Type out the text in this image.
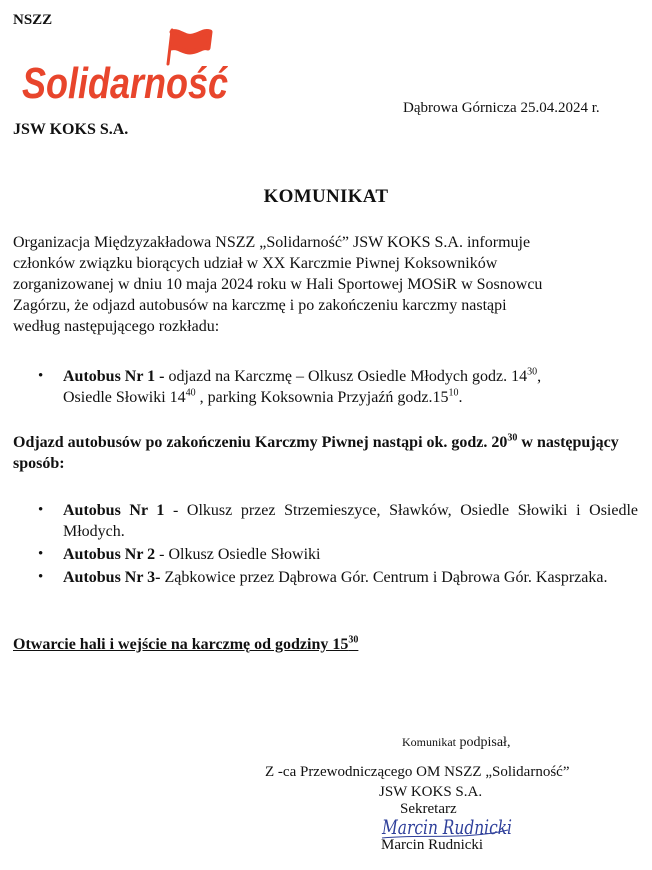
NSZZ
Solidarność
JSW KOKS S.A.
Dąbrowa Górnicza 25.04.2024 r.
KOMUNIKAT
Organizacja Międzyzakładowa NSZZ „Solidarność” JSW KOKS S.A. informuje
członków związku biorących udział w XX Karczmie Piwnej Koksowników
zorganizowanej w dniu 10 maja 2024 roku w Hali Sportowej MOSiR w Sosnowcu
Zagórzu, że odjazd autobusów na karczmę i po zakończeniu karczmy nastąpi
według następującego rozkładu:
• Autobus Nr 1 - odjazd na Karczmę – Olkusz Osiedle Młodych godz. $14^{30}$,
Osiedle Słowiki $14^{40}$ , parking Koksownia Przyjaźń $godz.15^{10}$.
Odjazd autobusów po zakończeniu Karczmy Piwnej nastąpi ok. godz. $20^{30}$ w następujący sposób:
• Autobus Nr 1 - Olkusz przez Strzemieszyce, Sławków, Osiedle Słowiki i Osiedle Młodych.
• Autobus Nr 2 - Olkusz Osiedle Słowiki
• Autobus Nr 3- Ząbkowice przez Dąbrowa Gór. Centrum i Dąbrowa Gór. Kasprzaka.
Otwarcie hali i wejście na karczmę od godziny $15^{30}$
Komunikat podpisał,
Z -ca Przewodniczącego OM NSZZ „Solidarność”
JSW KOKS S.A.
Sekretarz
Marcin Rudnicki
Marcin Rudnicki
